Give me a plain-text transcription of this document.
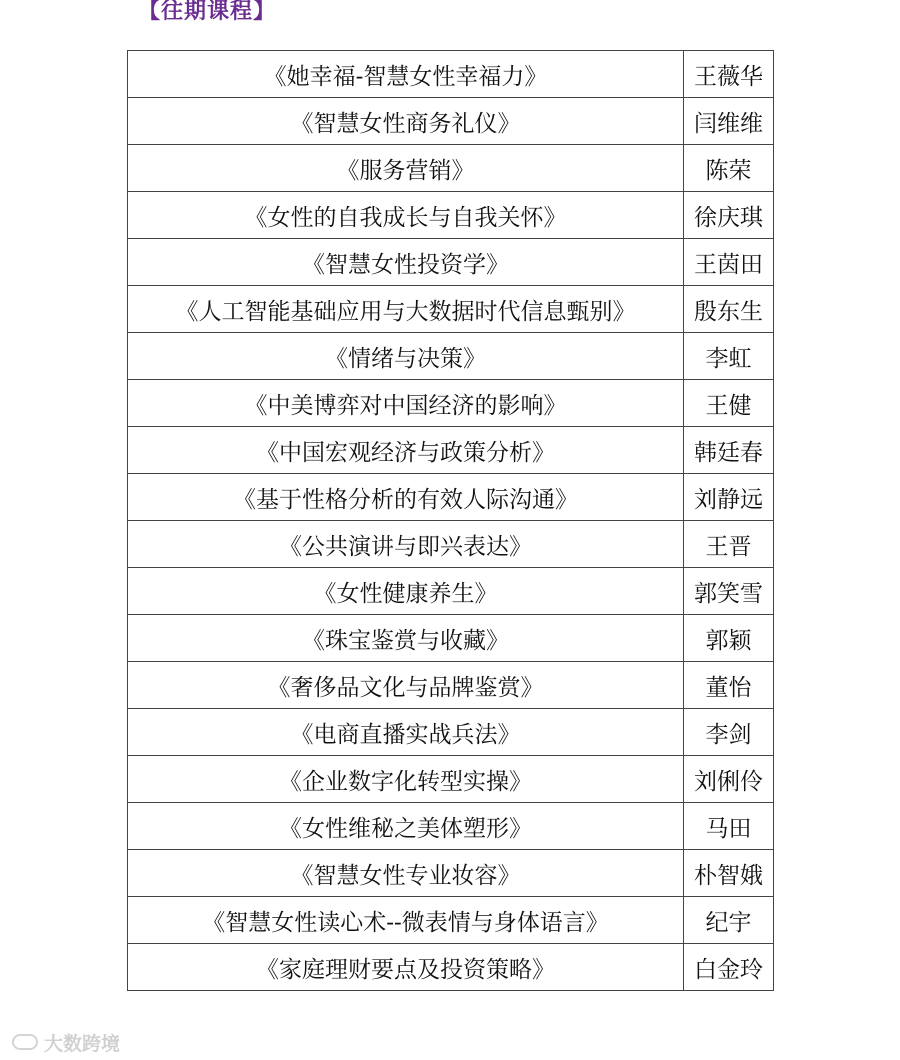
【往期课程】
《她幸福-智慧女性幸福力》	王薇华
《智慧女性商务礼仪》	闫维维
《服务营销》	陈荣
《女性的自我成长与自我关怀》	徐庆琪
《智慧女性投资学》	王茵田
《人工智能基础应用与大数据时代信息甄别》	殷东生
《情绪与决策》	李虹
《中美博弈对中国经济的影响》	王健
《中国宏观经济与政策分析》	韩廷春
《基于性格分析的有效人际沟通》	刘静远
《公共演讲与即兴表达》	王晋
《女性健康养生》	郭笑雪
《珠宝鉴赏与收藏》	郭颖
《奢侈品文化与品牌鉴赏》	董怡
《电商直播实战兵法》	李剑
《企业数字化转型实操》	刘俐伶
《女性维秘之美体塑形》	马田
《智慧女性专业妆容》	朴智娥
《智慧女性读心术--微表情与身体语言》	纪宇
《家庭理财要点及投资策略》	白金玲
大数跨境
